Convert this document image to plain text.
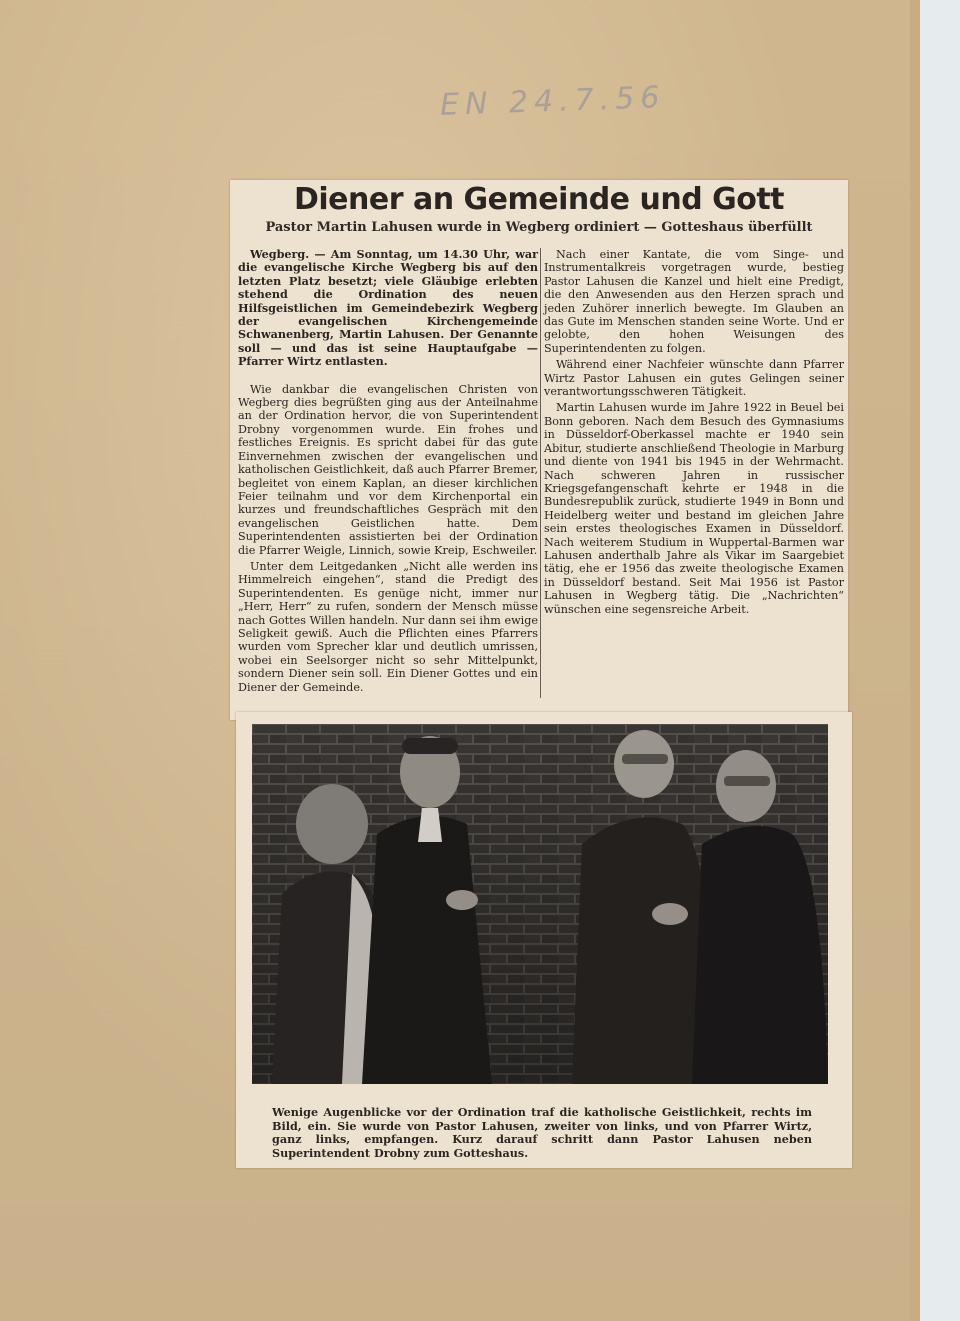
EN 24.7.56
Diener an Gemeinde und Gott
Pastor Martin Lahusen wurde in Wegberg ordiniert — Gotteshaus überfüllt

Wegberg. — Am Sonntag, um 14.30 Uhr, war die evangelische Kirche Wegberg bis auf den letzten Platz besetzt; viele Gläubige erlebten stehend die Ordination des neuen Hilfsgeistlichen im Gemeindebezirk Wegberg der evangelischen Kirchengemeinde Schwanenberg, Martin Lahusen. Der Genannte soll — und das ist seine Hauptaufgabe — Pfarrer Wirtz entlasten.

Wie dankbar die evangelischen Christen von Wegberg dies begrüßten ging aus der Anteilnahme an der Ordination hervor, die von Superintendent Drobny vorgenommen wurde. Ein frohes und festliches Ereignis. Es spricht dabei für das gute Einvernehmen zwischen der evangelischen und katholischen Geistlichkeit, daß auch Pfarrer Bremer, begleitet von einem Kaplan, an dieser kirchlichen Feier teilnahm und vor dem Kirchenportal ein kurzes und freundschaftliches Gespräch mit den evangelischen Geistlichen hatte. Dem Superintendenten assistierten bei der Ordination die Pfarrer Weigle, Linnich, sowie Kreip, Eschweiler.

Unter dem Leitgedanken „Nicht alle werden ins Himmelreich eingehen“, stand die Predigt des Superintendenten. Es genüge nicht, immer nur „Herr, Herr“ zu rufen, sondern der Mensch müsse nach Gottes Willen handeln. Nur dann sei ihm ewige Seligkeit gewiß. Auch die Pflichten eines Pfarrers wurden vom Sprecher klar und deutlich umrissen, wobei ein Seelsorger nicht so sehr Mittelpunkt, sondern Diener sein soll. Ein Diener Gottes und ein Diener der Gemeinde.

Nach einer Kantate, die vom Singe- und Instrumentalkreis vorgetragen wurde, bestieg Pastor Lahusen die Kanzel und hielt eine Predigt, die den Anwesenden aus den Herzen sprach und jeden Zuhörer innerlich bewegte. Im Glauben an das Gute im Menschen standen seine Worte. Und er gelobte, den hohen Weisungen des Superintendenten zu folgen.

Während einer Nachfeier wünschte dann Pfarrer Wirtz Pastor Lahusen ein gutes Gelingen seiner verantwortungsschweren Tätigkeit.

Martin Lahusen wurde im Jahre 1922 in Beuel bei Bonn geboren. Nach dem Besuch des Gymnasiums in Düsseldorf-Oberkassel machte er 1940 sein Abitur, studierte anschließend Theologie in Marburg und diente von 1941 bis 1945 in der Wehrmacht. Nach schweren Jahren in russischer Kriegsgefangenschaft kehrte er 1948 in die Bundesrepublik zurück, studierte 1949 in Bonn und Heidelberg weiter und bestand im gleichen Jahre sein erstes theologisches Examen in Düsseldorf. Nach weiterem Studium in Wuppertal-Barmen war Lahusen anderthalb Jahre als Vikar im Saargebiet tätig, ehe er 1956 das zweite theologische Examen in Düsseldorf bestand. Seit Mai 1956 ist Pastor Lahusen in Wegberg tätig. Die „Nachrichten“ wünschen eine segensreiche Arbeit.

Wenige Augenblicke vor der Ordination traf die katholische Geistlichkeit, rechts im Bild, ein. Sie wurde von Pastor Lahusen, zweiter von links, und von Pfarrer Wirtz, ganz links, empfangen. Kurz darauf schritt dann Pastor Lahusen neben Superintendent Drobny zum Gotteshaus.
